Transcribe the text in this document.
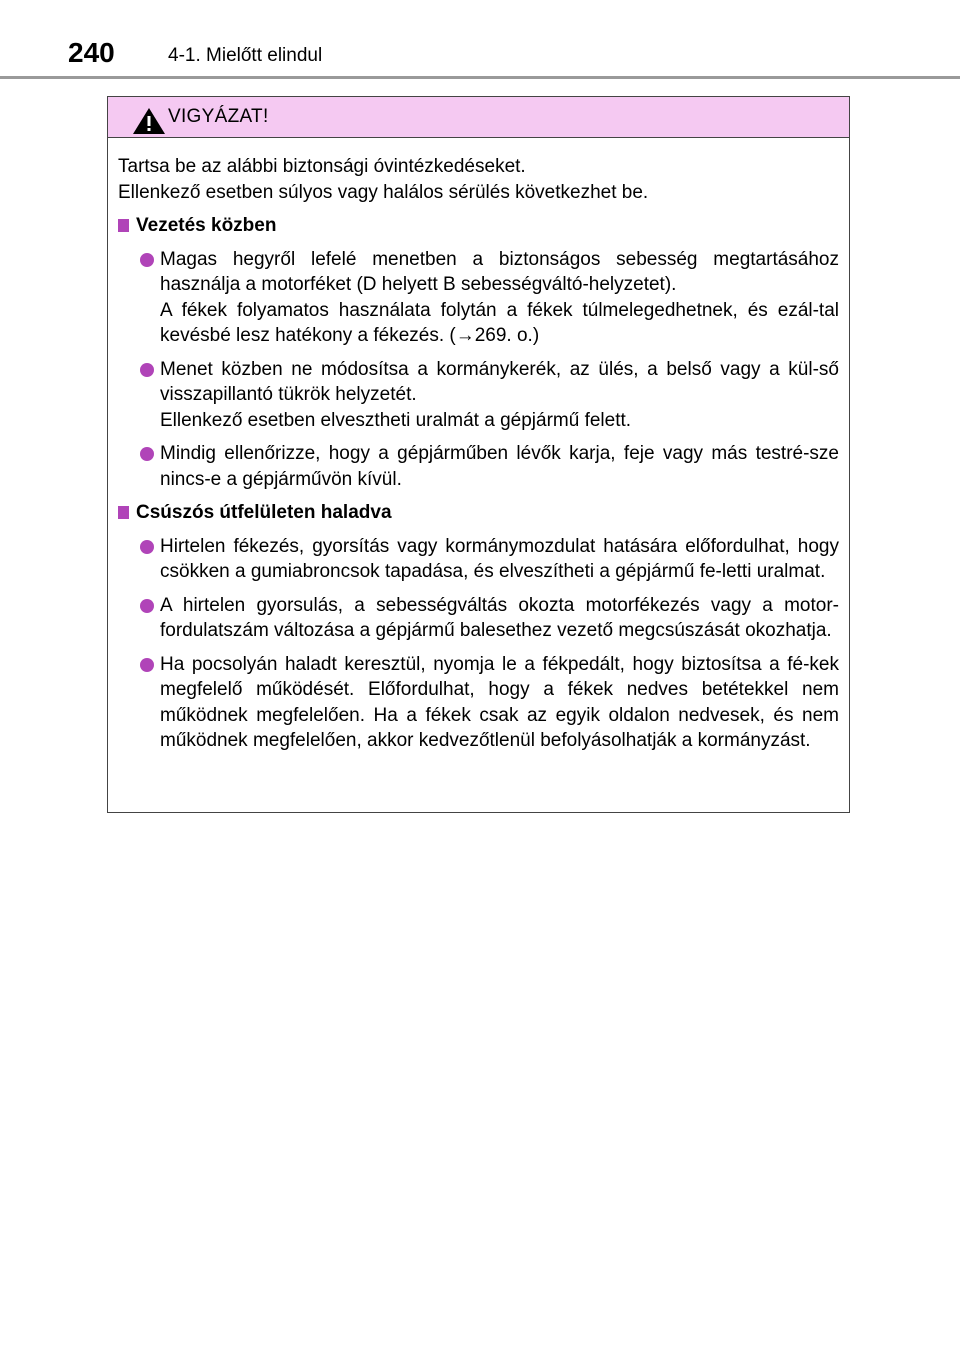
240	4-1. Mielőtt elindul
VIGYÁZAT!

Tartsa be az alábbi biztonsági óvintézkedéseket.

Ellenkező esetben súlyos vagy halálos sérülés következhet be.

Vezetés közben

Magas hegyről lefelé menetben a biztonságos sebesség megtartásához használja a motorféket (D helyett B sebességváltó-helyzetet).

A fékek folyamatos használata folytán a fékek túlmelegedhetnek, és ezál-tal kevésbé lesz hatékony a fékezés. (→269. o.)

Menet közben ne módosítsa a kormánykerék, az ülés, a belső vagy a kül-ső visszapillantó tükrök helyzetét.

Ellenkező esetben elvesztheti uralmát a gépjármű felett.

Mindig ellenőrizze, hogy a gépjárműben lévők karja, feje vagy más testré-sze nincs-e a gépjárművön kívül.

Csúszós útfelületen haladva

Hirtelen fékezés, gyorsítás vagy kormánymozdulat hatására előfordulhat, hogy csökken a gumiabroncsok tapadása, és elveszítheti a gépjármű fe-letti uralmat.

A hirtelen gyorsulás, a sebességváltás okozta motorfékezés vagy a motor-fordulatszám változása a gépjármű balesethez vezető megcsúszását okozhatja.

Ha pocsolyán haladt keresztül, nyomja le a fékpedált, hogy biztosítsa a fé-kek megfelelő működését. Előfordulhat, hogy a fékek nedves betétekkel nem működnek megfelelően. Ha a fékek csak az egyik oldalon nedvesek, és nem működnek megfelelően, akkor kedvezőtlenül befolyásolhatják a kormányzást.
